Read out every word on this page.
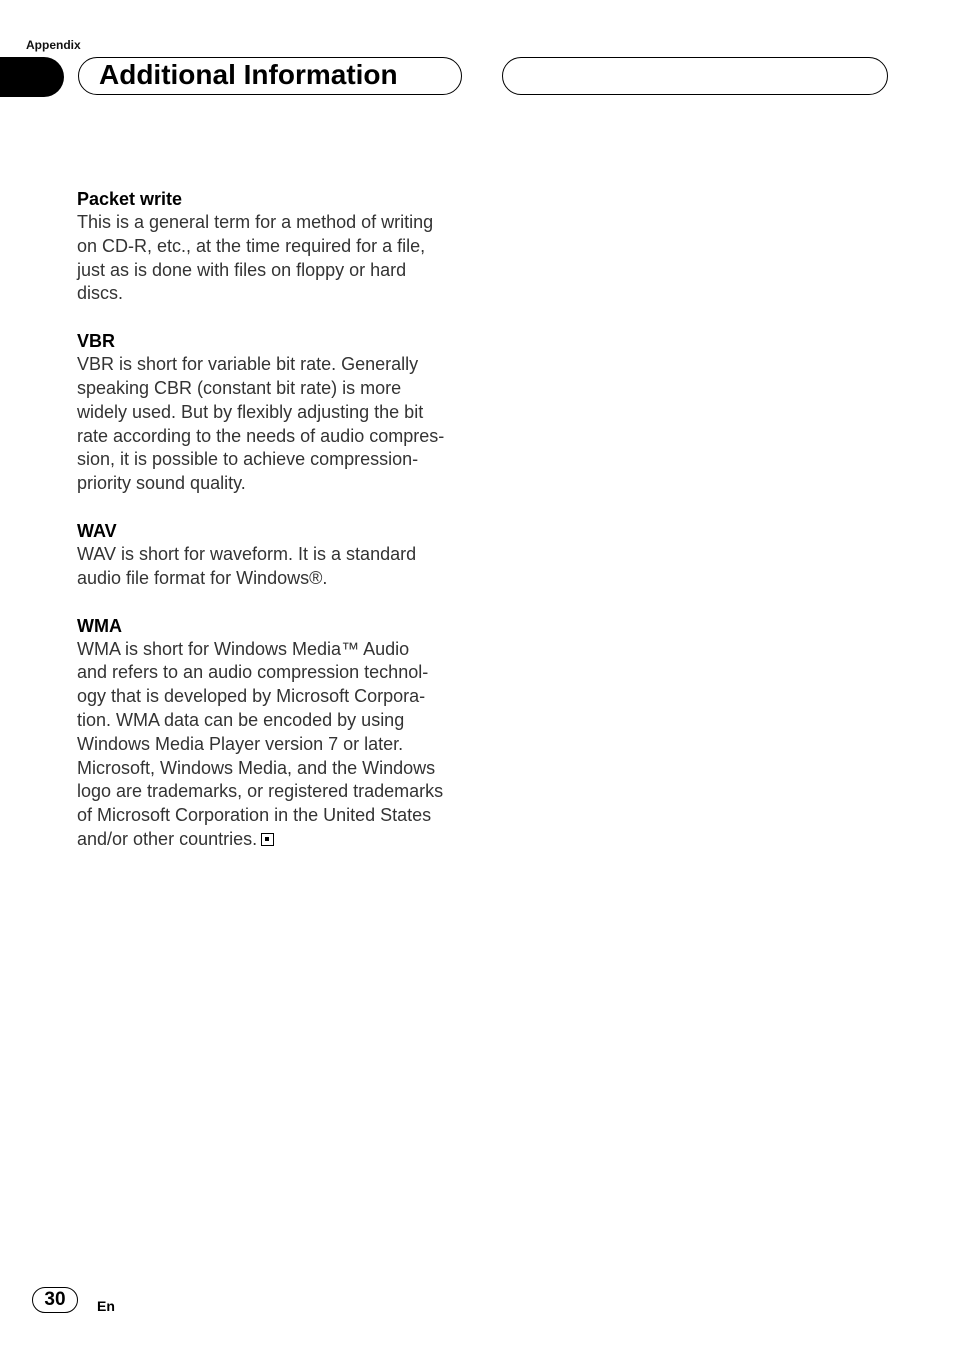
Appendix
Additional Information

Packet write

This is a general term for a method of writing
on CD-R, etc., at the time required for a file,
just as is done with files on floppy or hard
discs.

VBR

VBR is short for variable bit rate. Generally
speaking CBR (constant bit rate) is more
widely used. But by flexibly adjusting the bit
rate according to the needs of audio compres-
sion, it is possible to achieve compression-
priority sound quality.

WAV

WAV is short for waveform. It is a standard
audio file format for Windows®.

WMA

WMA is short for Windows Media™ Audio
and refers to an audio compression technol-
ogy that is developed by Microsoft Corpora-
tion. WMA data can be encoded by using
Windows Media Player version 7 or later.
Microsoft, Windows Media, and the Windows
logo are trademarks, or registered trademarks
of Microsoft Corporation in the United States
and/or other countries.

30	En
